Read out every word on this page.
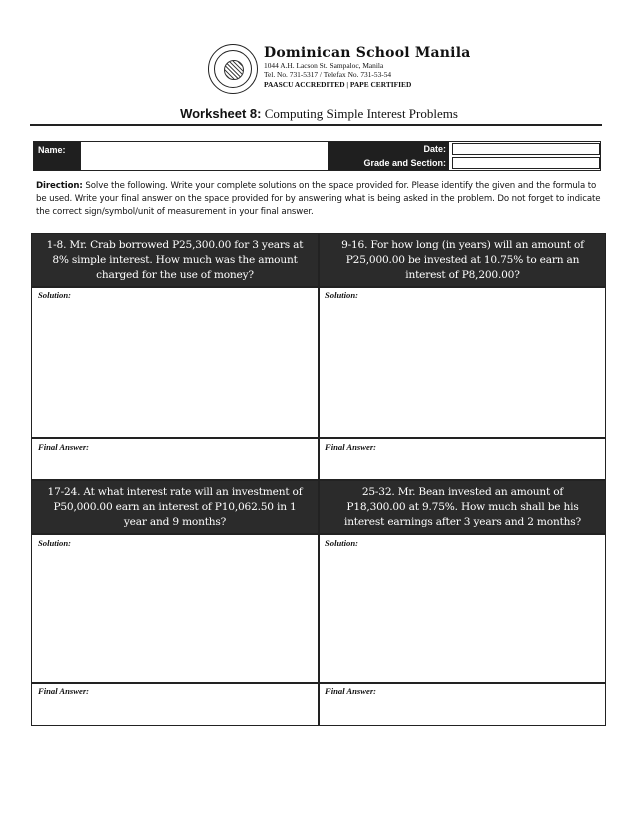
Dominican School Manila
1044 A.H. Lacson St. Sampaloc, Manila
Tel. No. 731-5317 / Telefax No. 731-53-54
PAASCU ACCREDITED | PAPE CERTIFIED
Worksheet 8: Computing Simple Interest Problems
Name:	Date:
Grade and Section:
Direction: Solve the following. Write your complete solutions on the space provided for. Please identify the given and the formula to be used. Write your final answer on the space provided for by answering what is being asked in the problem. Do not forget to indicate the correct sign/symbol/unit of measurement in your final answer.
1-8. Mr. Crab borrowed P25,300.00 for 3 years at
8% simple interest. How much was the amount
charged for the use of money?
9-16. For how long (in years) will an amount of
P25,000.00 be invested at 10.75% to earn an
interest of P8,200.00?
Solution:	Solution:
Final Answer:	Final Answer:
17-24. At what interest rate will an investment of
P50,000.00 earn an interest of P10,062.50 in 1
year and 9 months?
25-32. Mr. Bean invested an amount of
P18,300.00 at 9.75%. How much shall be his
interest earnings after 3 years and 2 months?
Solution:	Solution:
Final Answer:	Final Answer:
